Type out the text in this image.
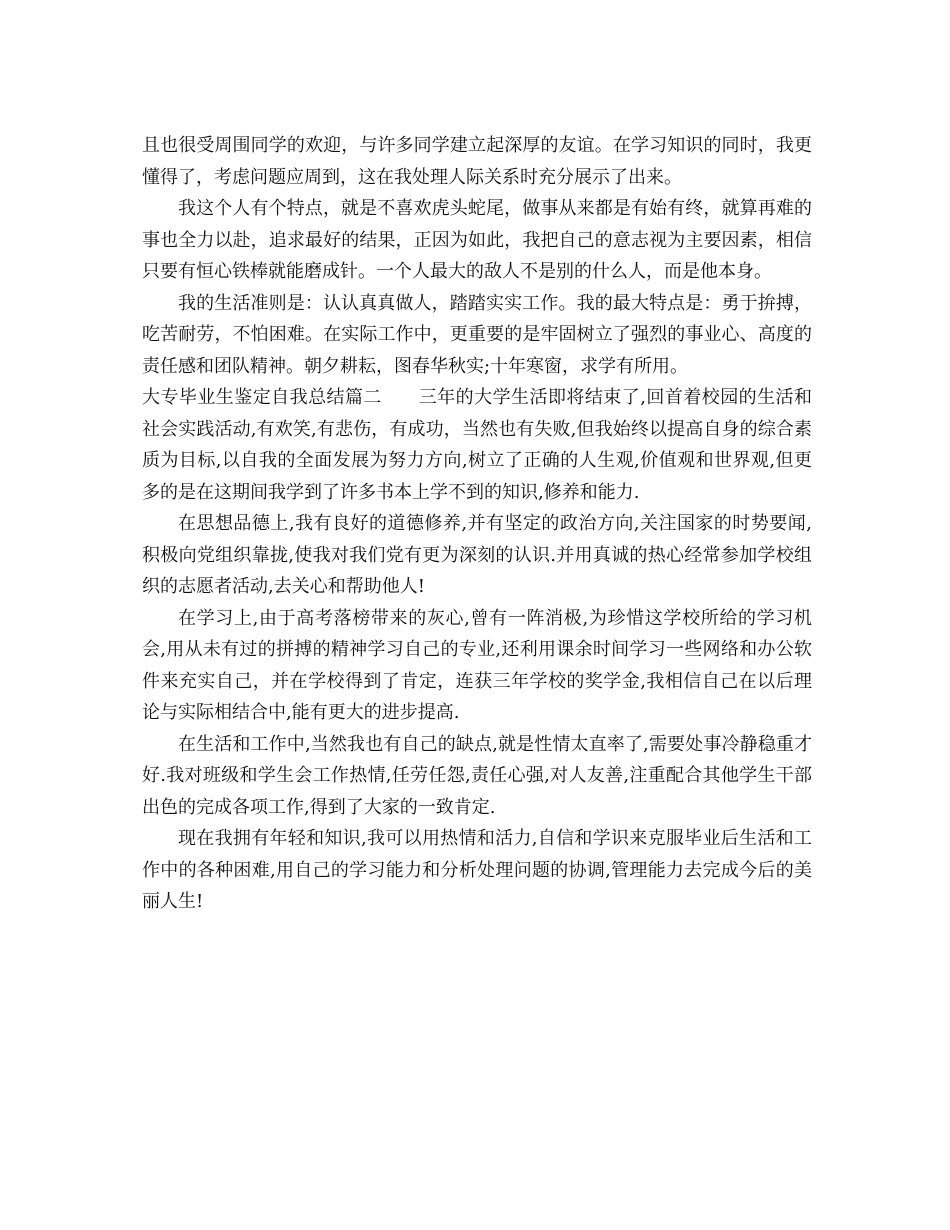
且也很受周围同学的欢迎，与许多同学建立起深厚的友谊。在学习知识的同时，我更懂得了，考虑问题应周到，这在我处理人际关系时充分展示了出来。

我这个人有个特点，就是不喜欢虎头蛇尾，做事从来都是有始有终，就算再难的事也全力以赴，追求最好的结果，正因为如此，我把自己的意志视为主要因素，相信只要有恒心铁棒就能磨成针。一个人最大的敌人不是别的什么人，而是他本身。

我的生活准则是：认认真真做人，踏踏实实工作。我的最大特点是：勇于拚搏，吃苦耐劳，不怕困难。在实际工作中，更重要的是牢固树立了强烈的事业心、高度的责任感和团队精神。朝夕耕耘，图春华秋实;十年寒窗，求学有所用。

大专毕业生鉴定自我总结篇二　　三年的大学生活即将结束了,回首着校园的生活和社会实践活动,有欢笑,有悲伤，有成功，当然也有失败,但我始终以提高自身的综合素质为目标,以自我的全面发展为努力方向,树立了正确的人生观,价值观和世界观,但更多的是在这期间我学到了许多书本上学不到的知识,修养和能力.

在思想品德上,我有良好的道德修养,并有坚定的政治方向,关注国家的时势要闻,积极向党组织靠拢,使我对我们党有更为深刻的认识.并用真诚的热心经常参加学校组织的志愿者活动,去关心和帮助他人!

在学习上,由于高考落榜带来的灰心,曾有一阵消极,为珍惜这学校所给的学习机会,用从未有过的拼搏的精神学习自己的专业,还利用课余时间学习一些网络和办公软件来充实自己，并在学校得到了肯定，连获三年学校的奖学金,我相信自己在以后理论与实际相结合中,能有更大的进步提高.

在生活和工作中,当然我也有自己的缺点,就是性情太直率了,需要处事冷静稳重才好.我对班级和学生会工作热情,任劳任怨,责任心强,对人友善,注重配合其他学生干部出色的完成各项工作,得到了大家的一致肯定.

现在我拥有年轻和知识,我可以用热情和活力,自信和学识来克服毕业后生活和工作中的各种困难,用自己的学习能力和分析处理问题的协调,管理能力去完成今后的美丽人生!
